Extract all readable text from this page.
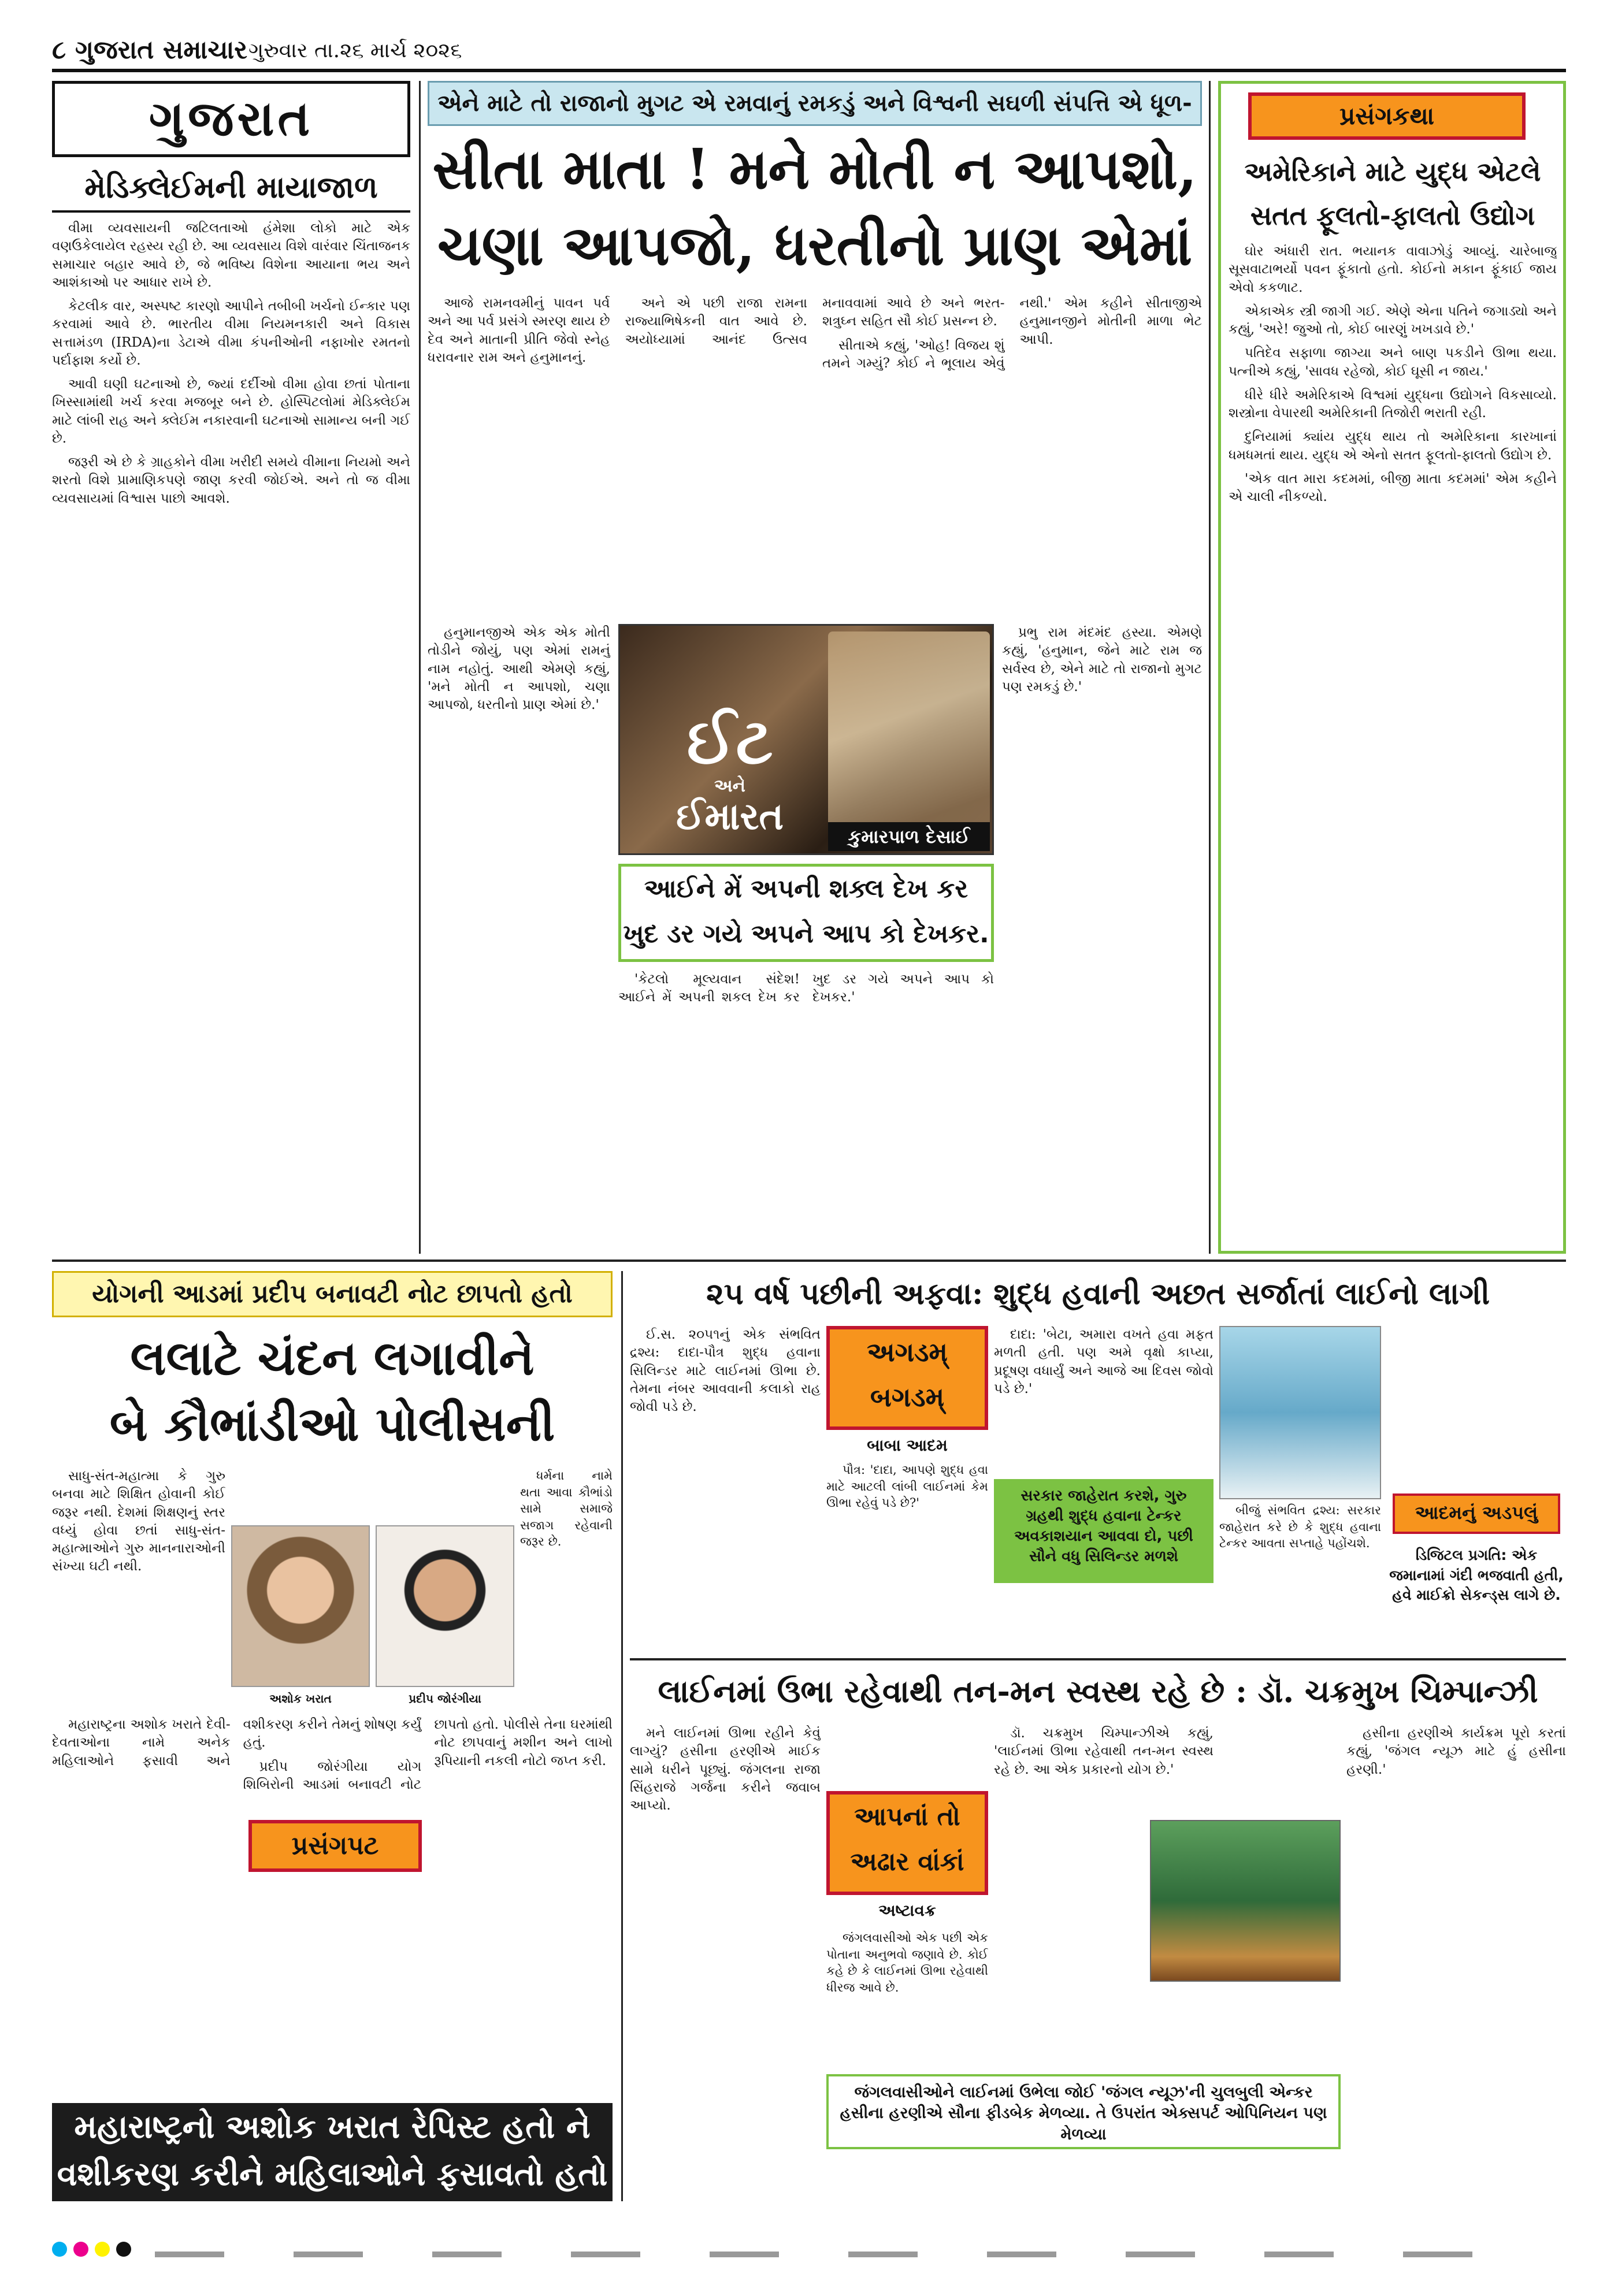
૮ ગુજરાત સમાચાર ગુરુવાર તા.૨૬ માર્ચ ૨૦૨૬
ગુજરાત
મેડિક્લેઈમની માયાજાળ

વીમા વ્યવસાયની જટિલતાઓ હંમેશા લોકો માટે એક વણઉકેલાયેલ રહસ્ય રહી છે. આ વ્યવસાય વિશે વારંવાર ચિંતાજનક સમાચાર બહાર આવે છે, જે ભવિષ્ય વિશેના આયાના ભય અને આશંકાઓ પર આધાર રાખે છે.

કેટલીક વાર, અસ્પષ્ટ કારણો આપીને તબીબી ખર્ચનો ઈન્કાર પણ કરવામાં આવે છે. ભારતીય વીમા નિયમનકારી અને વિકાસ સત્તામંડળ (IRDA)ના ડેટાએ વીમા કંપનીઓની નફાખોર રમતનો પર્દાફાશ કર્યો છે.

આવી ઘણી ઘટનાઓ છે, જ્યાં દર્દીઓ વીમા હોવા છતાં પોતાના ખિસ્સામાંથી ખર્ચ કરવા મજબૂર બને છે. હોસ્પિટલોમાં મેડિક્લેઈમ માટે લાંબી રાહ અને ક્લેઈમ નકારવાની ઘટનાઓ સામાન્ય બની ગઈ છે.

જરૂરી એ છે કે ગ્રાહકોને વીમા ખરીદી સમયે વીમાના નિયમો અને શરતો વિશે પ્રામાણિકપણે જાણ કરવી જોઈએ. અને તો જ વીમા વ્યવસાયમાં વિશ્વાસ પાછો આવશે.

એને માટે તો રાજાનો મુગટ એ રમવાનું રમકડું અને વિશ્વની સઘળી સંપત્તિ એ ધૂળ-
સીતા માતા ! મને મોતી ન આપશો,
ચણા આપજો, ધરતીનો પ્રાણ એમાં

આજે રામનવમીનું પાવન પર્વ અને આ પર્વ પ્રસંગે સ્મરણ થાય છે દેવ અને માતાની પ્રીતિ જેવો સ્નેહ ધરાવનાર રામ અને હનુમાનનું.

અને એ પછી રાજા રામના રાજ્યાભિષેકની વાત આવે છે. અયોધ્યામાં આનંદ ઉત્સવ મનાવવામાં આવે છે અને ભરત-શત્રુઘ્ન સહિત સૌ કોઈ પ્રસન્ન છે.

સીતાએ કહ્યું, 'ઓહ! વિજય શું તમને ગમ્યું? કોઈ ને ભૂલાય એવું નથી.' એમ કહીને સીતાજીએ હનુમાનજીને મોતીની માળા ભેટ આપી.

ઈટ
અને
ઈમારત	કુમારપાળ દેસાઈ

હનુમાનજીએ એક એક મોતી તોડીને જોયું, પણ એમાં રામનું નામ નહોતું. આથી એમણે કહ્યું, 'મને મોતી ન આપશો, ચણા આપજો, ધરતીનો પ્રાણ એમાં છે.'

પ્રભુ રામ મંદમંદ હસ્યા. એમણે કહ્યું, 'હનુમાન, જેને માટે રામ જ સર્વસ્વ છે, એને માટે તો રાજાનો મુગટ પણ રમકડું છે.'

આઈને મેં અપની શક્લ દેખ કર
ખુદ ડર ગયે અપને આપ કો દેખકર.

'કેટલો મૂલ્યવાન સંદેશ! આઈને મેં અપની શકલ દેખ કર ખુદ ડર ગયે અપને આપ કો દેખકર.'

પ્રસંગકથા
અમેરિકાને માટે યુદ્ધ એટલે
સતત ફૂલતો-ફાલતો ઉદ્યોગ

ઘોર અંધારી રાત. ભયાનક વાવાઝોડું આવ્યું. ચારેબાજુ સૂસવાટાભર્યો પવન ફૂંકાતો હતો. કોઈનો મકાન ફૂંકાઈ જાય એવો કકળાટ.

એકાએક સ્ત્રી જાગી ગઈ. એણે એના પતિને જગાડ્યો અને કહ્યું, 'અરે! જુઓ તો, કોઈ બારણું ખખડાવે છે.'

પતિદેવ સફાળા જાગ્યા અને બાણ પકડીને ઊભા થયા. પત્નીએ કહ્યું, 'સાવધ રહેજો, કોઈ ઘૂસી ન જાય.'

ધીરે ધીરે અમેરિકાએ વિશ્વમાં યુદ્ધના ઉદ્યોગને વિકસાવ્યો. શસ્ત્રોના વેપારથી અમેરિકાની તિજોરી ભરાતી રહી.

દુનિયામાં ક્યાંય યુદ્ધ થાય તો અમેરિકાના કારખાનાં ધમધમતાં થાય. યુદ્ધ એ એનો સતત ફૂલતો-ફાલતો ઉદ્યોગ છે.

'એક વાત મારા કદમમાં, બીજી માતા કદમમાં' એમ કહીને એ ચાલી નીકળ્યો.

યોગની આડમાં પ્રદીપ બનાવટી નોટ છાપતો હતો
લલાટે ચંદન લગાવીને
બે કૌભાંડીઓ પોલીસની

સાધુ-સંત-મહાત્મા કે ગુરુ બનવા માટે શિક્ષિત હોવાની કોઈ જરૂર નથી. દેશમાં શિક્ષણનું સ્તર વધ્યું હોવા છતાં સાધુ-સંત-મહાત્માઓને ગુરુ માનનારાઓની સંખ્યા ઘટી નથી.

અશોક ખરાત	પ્રદીપ જોરંગીયા

ધર્મના નામે થતા આવા કૌભાંડો સામે સમાજે સજાગ રહેવાની જરૂર છે.

મહારાષ્ટ્રના અશોક ખરાતે દેવી-દેવતાઓના નામે અનેક મહિલાઓને ફસાવી અને વશીકરણ કરીને તેમનું શોષણ કર્યું હતું.

પ્રદીપ જોરંગીયા યોગ શિબિરોની આડમાં બનાવટી નોટ છાપતો હતો. પોલીસે તેના ઘરમાંથી નોટ છાપવાનું મશીન અને લાખો રૂપિયાની નકલી નોટો જપ્ત કરી.

પ્રસંગપટ
મહારાષ્ટ્રનો અશોક ખરાત રેપિસ્ટ હતો ને
વશીકરણ કરીને મહિલાઓને ફસાવતો હતો
૨૫ વર્ષ પછીની અફવા: શુદ્ધ હવાની અછત સર્જાતાં લાઈનો લાગી

ઈ.સ. ૨૦૫૧નું એક સંભવિત દ્રશ્ય: દાદા-પૌત્ર શુદ્ધ હવાના સિલિન્ડર માટે લાઈનમાં ઊભા છે. તેમના નંબર આવવાની કલાકો રાહ જોવી પડે છે.

અગડમ્
બગડમ્
બાબા આદમ

પૌત્ર: 'દાદા, આપણે શુદ્ધ હવા માટે આટલી લાંબી લાઈનમાં કેમ ઊભા રહેવું પડે છે?'

દાદા: 'બેટા, અમારા વખતે હવા મફત મળતી હતી. પણ અમે વૃક્ષો કાપ્યા, પ્રદૂષણ વધાર્યું અને આજે આ દિવસ જોવો પડે છે.'

સરકાર જાહેરાત કરશે, ગુરુ ગ્રહથી શુદ્ધ હવાના ટેન્કર અવકાશયાન આવવા દો, પછી સૌને વધુ સિલિન્ડર મળશે

બીજું સંભવિત દ્રશ્ય: સરકાર જાહેરાત કરે છે કે શુદ્ધ હવાના ટેન્કર આવતા સપ્તાહે પહોંચશે.

આદમનું અડપલું
ડિજિટલ પ્રગતિ: એક જમાનામાં ગંદી ભજવાતી હતી, હવે માઈક્રો સેકન્ડ્સ લાગે છે.
લાઈનમાં ઉભા રહેવાથી તન-મન સ્વસ્થ રહે છે : ડૉ. ચક્રમુખ ચિમ્પાન્ઝી

મને લાઈનમાં ઊભા રહીને કેવું લાગ્યું? હસીના હરણીએ માઈક સામે ધરીને પૂછ્યું. જંગલના રાજા સિંહરાજે ગર્જના કરીને જવાબ આપ્યો.	આપનાં તો
અઢાર વાંકાં
અષ્ટાવક્ર

જંગલવાસીઓ એક પછી એક પોતાના અનુભવો જણાવે છે. કોઈ કહે છે કે લાઈનમાં ઊભા રહેવાથી ધીરજ આવે છે.

ડૉ. ચક્રમુખ ચિમ્પાન્ઝીએ કહ્યું, 'લાઈનમાં ઊભા રહેવાથી તન-મન સ્વસ્થ રહે છે. આ એક પ્રકારનો યોગ છે.'

હસીના હરણીએ કાર્યક્રમ પૂરો કરતાં કહ્યું, 'જંગલ ન્યૂઝ માટે હું હસીના હરણી.'

જંગલવાસીઓને લાઈનમાં ઉભેલા જોઈ 'જંગલ ન્યૂઝ'ની ચુલબુલી એન્કર હસીના હરણીએ સૌના ફીડબેક મેળવ્યા. તે ઉપરાંત એક્સપર્ટ ઓપિનિયન પણ મેળવ્યા
